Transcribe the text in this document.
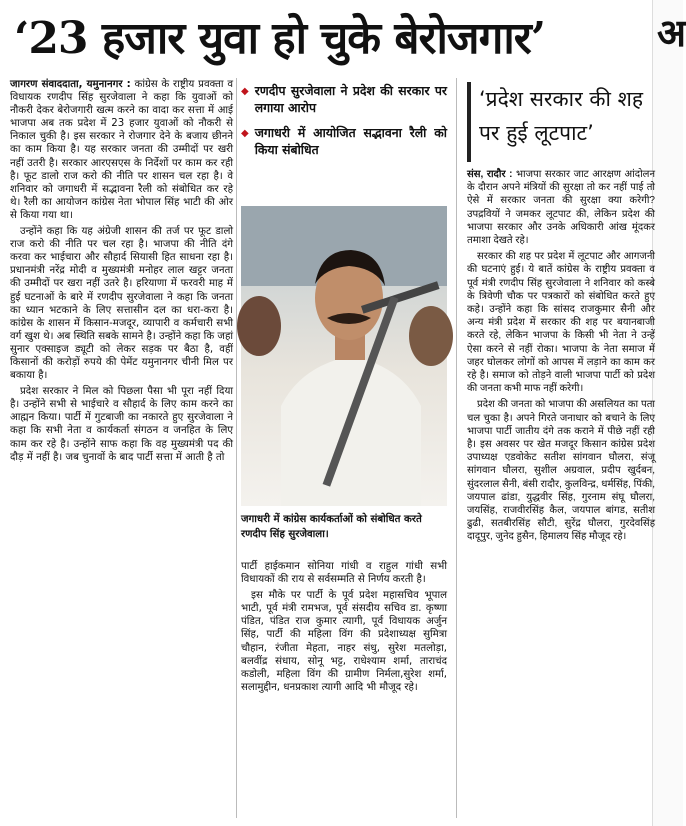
‘23 हजार युवा हो चुके बेरोजगार’	अ

जागरण संवाददाता, यमुनानगर : कांग्रेस के राष्ट्रीय प्रवक्ता व विधायक रणदीप सिंह सुरजेवाला ने कहा कि युवाओं को नौकरी देकर बेरोजगारी खत्म करने का वादा कर सत्ता में आई भाजपा अब तक प्रदेश में 23 हजार युवाओं को नौकरी से निकाल चुकी है। इस सरकार ने रोजगार देने के बजाय छीनने का काम किया है। यह सरकार जनता की उम्मीदों पर खरी नहीं उतरी है। सरकार आरएसएस के निर्देशों पर काम कर रही है। फूट डालो राज करो की नीति पर शासन चल रहा है। वे शनिवार को जगाधरी में सद्भावना रैली को संबोधित कर रहे थे। रैली का आयोजन कांग्रेस नेता भोपाल सिंह भाटी की ओर से किया गया था।

उन्होंने कहा कि यह अंग्रेजी शासन की तर्ज पर फूट डालो राज करो की नीति पर चल रहा है। भाजपा की नीति दंगे करवा कर भाईचारा और सौहार्द सियासी हित साधना रहा है। प्रधानमंत्री नरेंद्र मोदी व मुख्यमंत्री मनोहर लाल खट्टर जनता की उम्मीदों पर खरा नहीं उतरे है। हरियाणा में फरवरी माह में हुई घटनाओं के बारे में रणदीप सुरजेवाला ने कहा कि जनता का ध्यान भटकाने के लिए सत्तासीन दल का धरा-करा है। कांग्रेस के शासन में किसान-मजदूर, व्यापारी व कर्मचारी सभी वर्ग खुश थे। अब स्थिति सबके सामने है। उन्होंने कहा कि जहां सुनार एक्साइज ड्यूटी को लेकर सड़क पर बैठा है, वहीं किसानों की करोड़ों रुपये की पेमेंट यमुनानगर चीनी मिल पर बकाया है।

प्रदेश सरकार ने मिल को पिछला पैसा भी पूरा नहीं दिया है। उन्होंने सभी से भाईचारे व सौहार्द के लिए काम करने का आह्मन किया। पार्टी में गुटबाजी का नकारते हुए सुरजेवाला ने कहा कि सभी नेता व कार्यकर्ता संगठन व जनहित के लिए काम कर रहे है। उन्होंने साफ कहा कि वह मुख्यमंत्री पद की दौड़ में नहीं है। जब चुनावों के बाद पार्टी सत्ता में आती है तो

◆ रणदीप सुरजेवाला ने प्रदेश की सरकार पर लगाया आरोप
◆ जगाधरी में आयोजित सद्भावना रैली को किया संबोधित
जगाधरी में कांग्रेस कार्यकर्ताओं को संबोधित करते रणदीप सिंह सुरजेवाला।

पार्टी हाईकमान सोनिया गांधी व राहुल गांधी सभी विधायकों की राय से सर्वसम्मति से निर्णय करती है।

इस मौके पर पार्टी के पूर्व प्रदेश महासचिव भूपाल भाटी, पूर्व मंत्री रामभज, पूर्व संसदीय सचिव डा. कृष्णा पंडित, पंडित राज कुमार त्यागी, पूर्व विधायक अर्जुन सिंह, पार्टी की महिला विंग की प्रदेशाध्यक्ष सुमित्रा चौहान, रंजीता मेहता, नाहर संधु, सुरेश मतलोड़ा, बलवींद्र संधाय, सोनू भट्ट, राधेश्याम शर्मा, ताराचंद कडोली, महिला विंग की ग्रामीण निर्मला,सुरेश शर्मा, सलामुद्दीन, धनप्रकाश त्यागी आदि भी मौजूद रहे।

‘प्रदेश सरकार की शह पर हुई लूटपाट’

संस, रादौर : भाजपा सरकार जाट आरक्षण आंदोलन के दौरान अपने मंत्रियों की सुरक्षा तो कर नहीं पाई तो ऐसे में सरकार जनता की सुरक्षा क्या करेगी? उपद्रवियों ने जमकर लूटपाट की, लेकिन प्रदेश की भाजपा सरकार और उनके अधिकारी आंख मूंदकर तमाशा देखते रहे।

सरकार की शह पर प्रदेश में लूटपाट और आगजनी की घटनाएं हुई। ये बातें कांग्रेस के राष्ट्रीय प्रवक्ता व पूर्व मंत्री रणदीप सिंह सुरजेवाला ने शनिवार को कस्बे के त्रिवेणी चौक पर पत्रकारों को संबोधित करते हुए कहे। उन्होंने कहा कि सांसद राजकुमार सैनी और अन्य मंत्री प्रदेश में सरकार की शह पर बयानबाजी करते रहे, लेकिन भाजपा के किसी भी नेता ने उन्हें ऐसा करने से नहीं रोका। भाजपा के नेता समाज में जहर घोलकर लोगों को आपस में लड़ाने का काम कर रहे है। समाज को तोड़ने वाली भाजपा पार्टी को प्रदेश की जनता कभी माफ नहीं करेगी।

प्रदेश की जनता को भाजपा की असलियत का पता चल चुका है। अपने गिरते जनाधार को बचाने के लिए भाजपा पार्टी जातीय दंगे तक कराने में पीछे नहीं रही है। इस अवसर पर खेत मजदूर किसान कांग्रेस प्रदेश उपाध्यक्ष एडवोकेट सतीश सांगवान घौलरा, संजू सांगवान घौलरा, सुशील अग्रवाल, प्रदीप खुर्दबन, सुंदरलाल सैनी, बंसी रादौर, कुलविन्द्र, धर्मसिंह, पिंकी, जयपाल ढांडा, युद्धवीर सिंह, गुरनाम संघू घौलरा, जयसिंह, राजवीरसिंह कैल, जयपाल बांगड, सतीश ढुढी, सतबीरसिंह सौटी, सुरेंद्र घौलरा, गुरदेवसिंह दादूपुर, जुनेद हुसैन, हिमालय सिंह मौजूद रहे।
